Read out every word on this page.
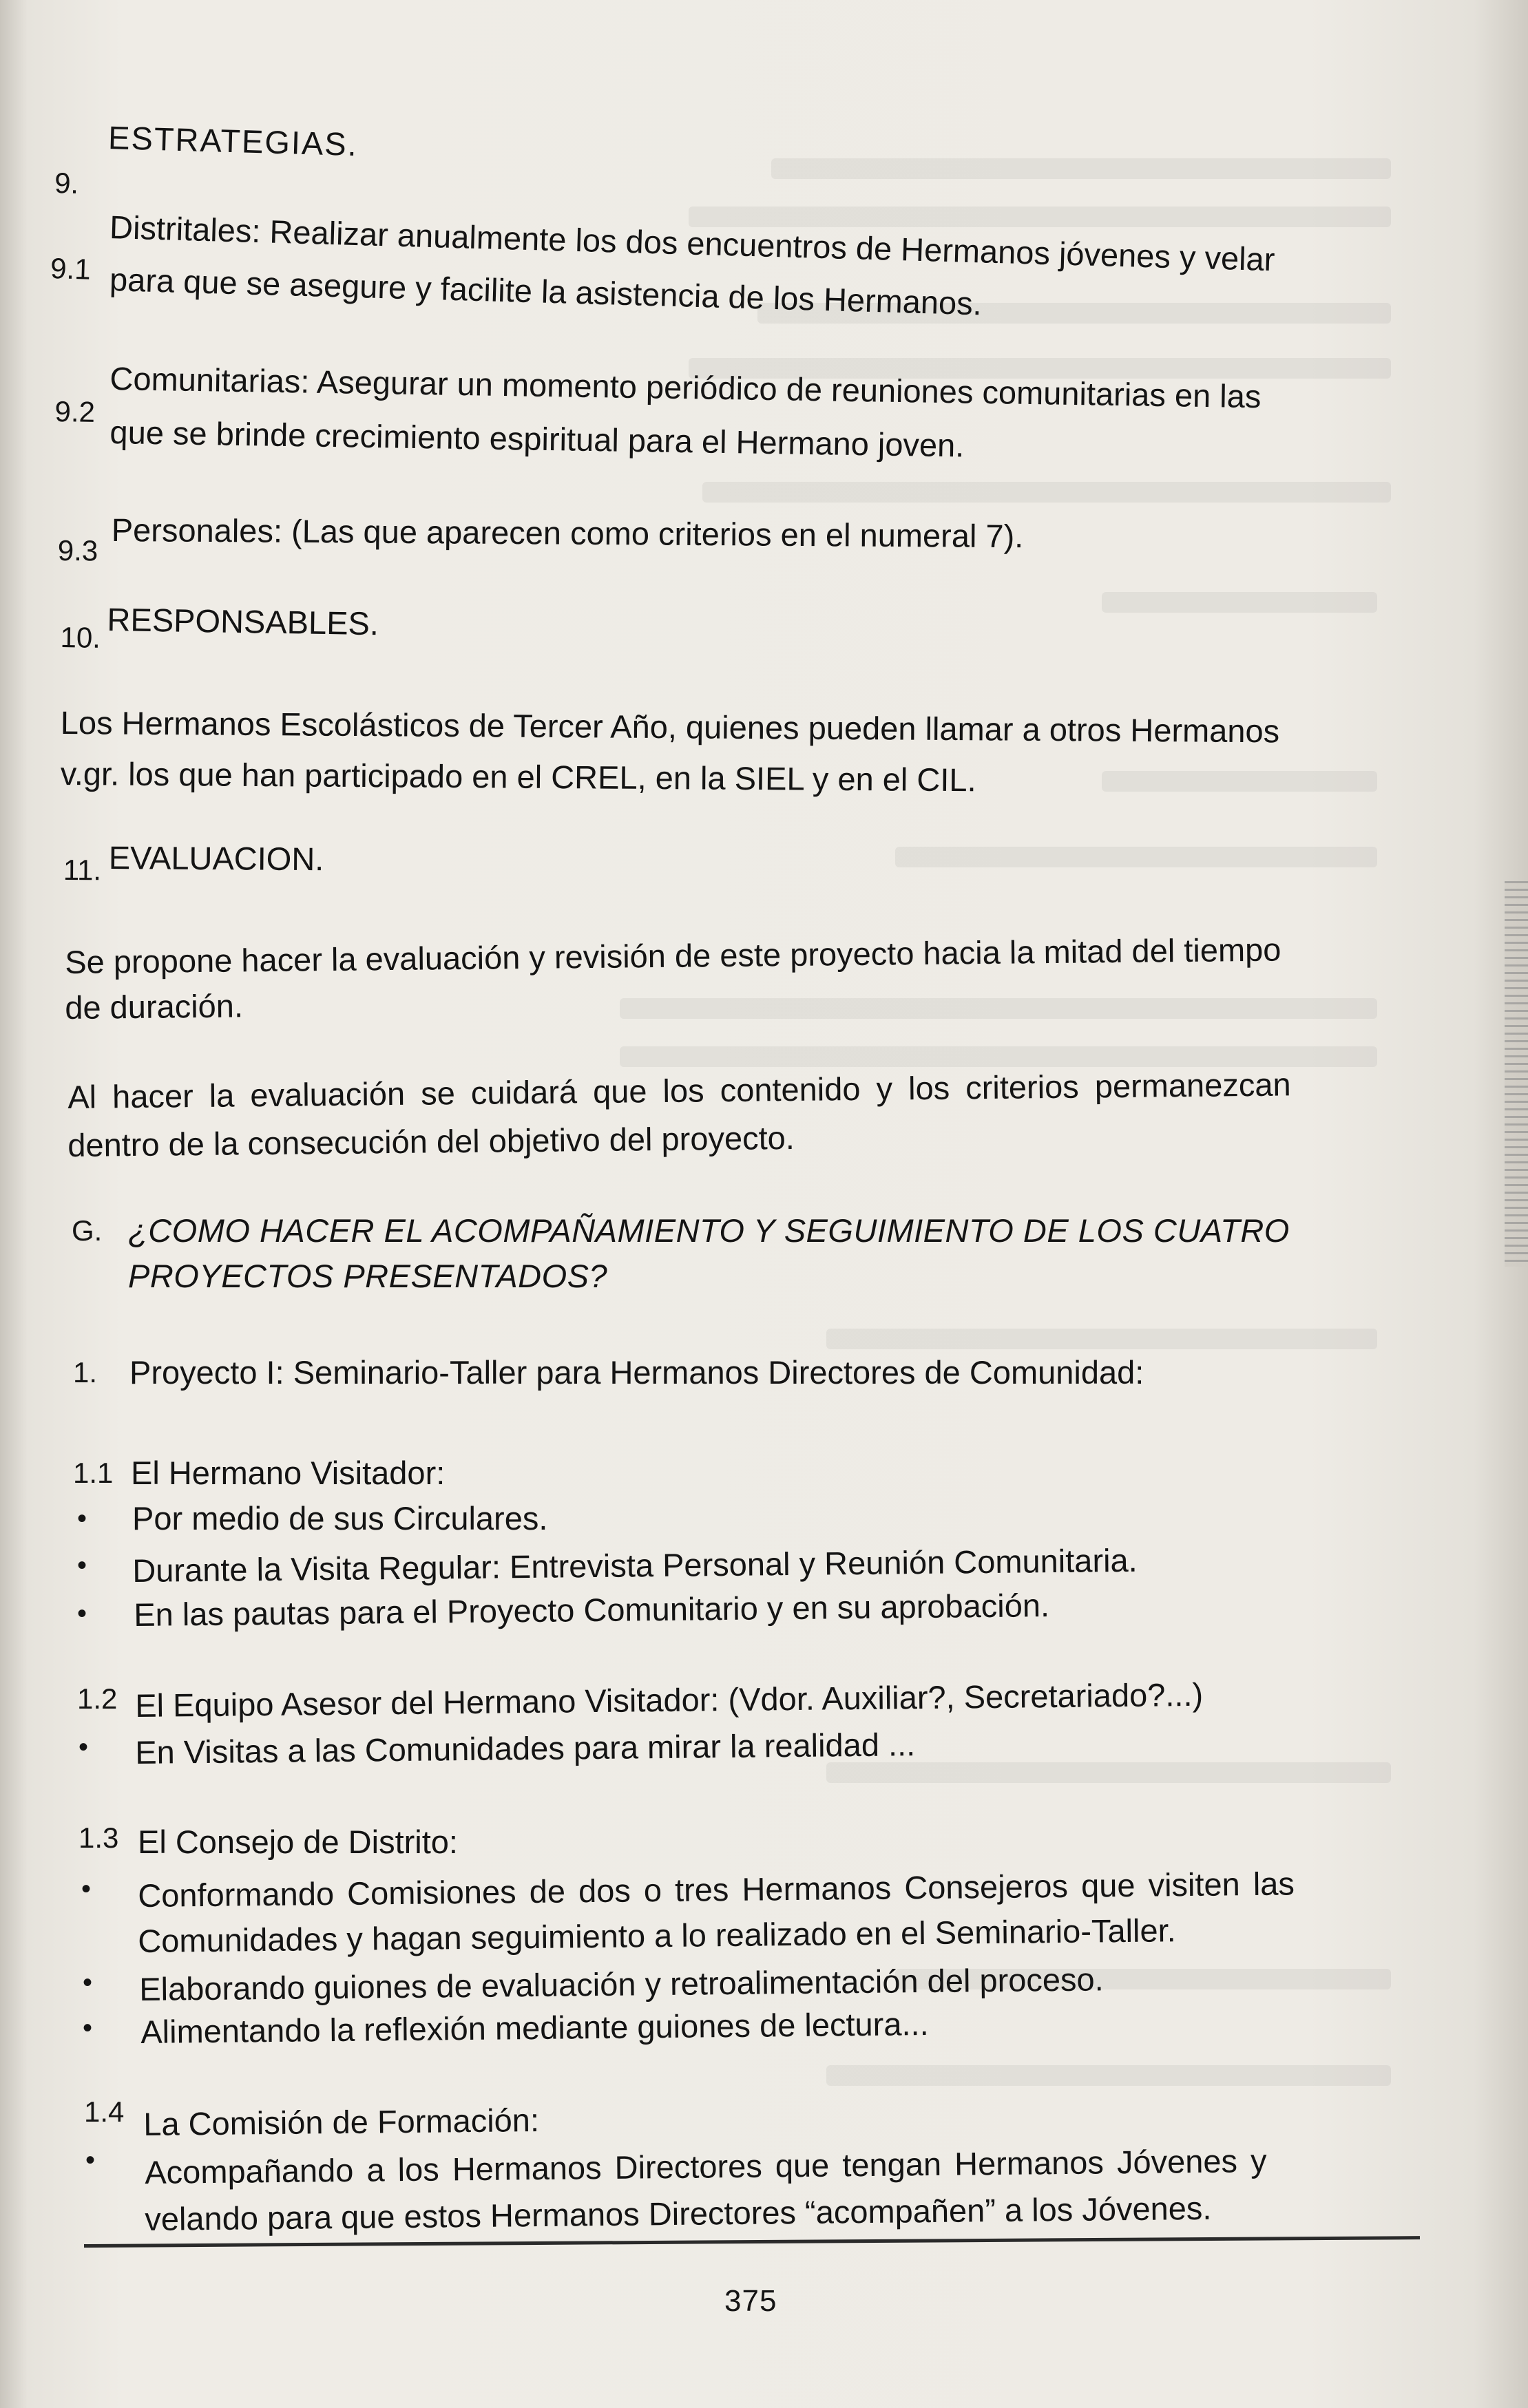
9.
ESTRATEGIAS.
9.1 Distritales: Realizar anualmente los dos encuentros de Hermanos jóvenes y velar
para que se asegure y facilite la asistencia de los Hermanos.
9.2 Comunitarias: Asegurar un momento periódico de reuniones comunitarias en las
que se brinde crecimiento espiritual para el Hermano joven.
9.3 Personales: (Las que aparecen como criterios en el numeral 7).
10. RESPONSABLES.
Los Hermanos Escolásticos de Tercer Año, quienes pueden llamar a otros Hermanos
v.gr. los que han participado en el CREL, en la SIEL y en el CIL.
11. EVALUACION.
Se propone hacer la evaluación y revisión de este proyecto hacia la mitad del tiempo
de duración.
Al hacer la evaluación se cuidará que los contenido y los criterios permanezcan
dentro de la consecución del objetivo del proyecto.
G. ¿COMO HACER EL ACOMPAÑAMIENTO Y SEGUIMIENTO DE LOS CUATRO
PROYECTOS PRESENTADOS?
1. Proyecto I: Seminario-Taller para Hermanos Directores de Comunidad:
1.1 El Hermano Visitador:
• Por medio de sus Circulares.
• Durante la Visita Regular: Entrevista Personal y Reunión Comunitaria.
• En las pautas para el Proyecto Comunitario y en su aprobación.
1.2 El Equipo Asesor del Hermano Visitador: (Vdor. Auxiliar?, Secretariado?...)
• En Visitas a las Comunidades para mirar la realidad ...
1.3 El Consejo de Distrito:
• Conformando Comisiones de dos o tres Hermanos Consejeros que visiten las
Comunidades y hagan seguimiento a lo realizado en el Seminario-Taller.
• Elaborando guiones de evaluación y retroalimentación del proceso.
• Alimentando la reflexión mediante guiones de lectura...
1.4 La Comisión de Formación:
• Acompañando a los Hermanos Directores que tengan Hermanos Jóvenes y
velando para que estos Hermanos Directores “acompañen” a los Jóvenes.
375
